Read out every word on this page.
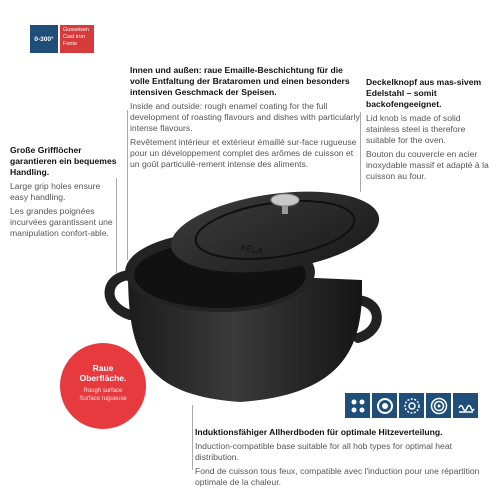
0-300°
Gusseisen
Cast iron
Fonte
Innen und außen: raue Emaille-Beschichtung für die volle Entfaltung der Brataromen und einen besonders intensiven Geschmack der Speisen.
Inside and outside: rough enamel coating for the full development of roasting flavours and dishes with particularly intense flavours.
Revêtement intérieur et extérieur émaillé sur-face rugueuse pour un développement complet des arômes de cuisson et un goût particuliè-rement intense des aliments.
Deckelknopf aus mas-sivem Edelstahl – somit backofengeeignet.
Lid knob is made of solid stainless steel is therefore suitable for the oven.
Bouton du couvercle en acier inoxydable massif et adapté à la cuisson au four.
Große Grifflöcher garantieren ein bequemes Handling.
Large grip holes ensure easy handling.
Les grandes poignées incurvées garantissent une manipulation confort-able.
KELA
Raue
Oberfläche.
Rough surface
Surface rugueuse
Induktionsfähiger Allherdboden für optimale Hitzeverteilung.
Induction-compatible base suitable for all hob types for optimal heat distribution.
Fond de cuisson tous feux, compatible avec l'induction pour une répartition optimale de la chaleur.
